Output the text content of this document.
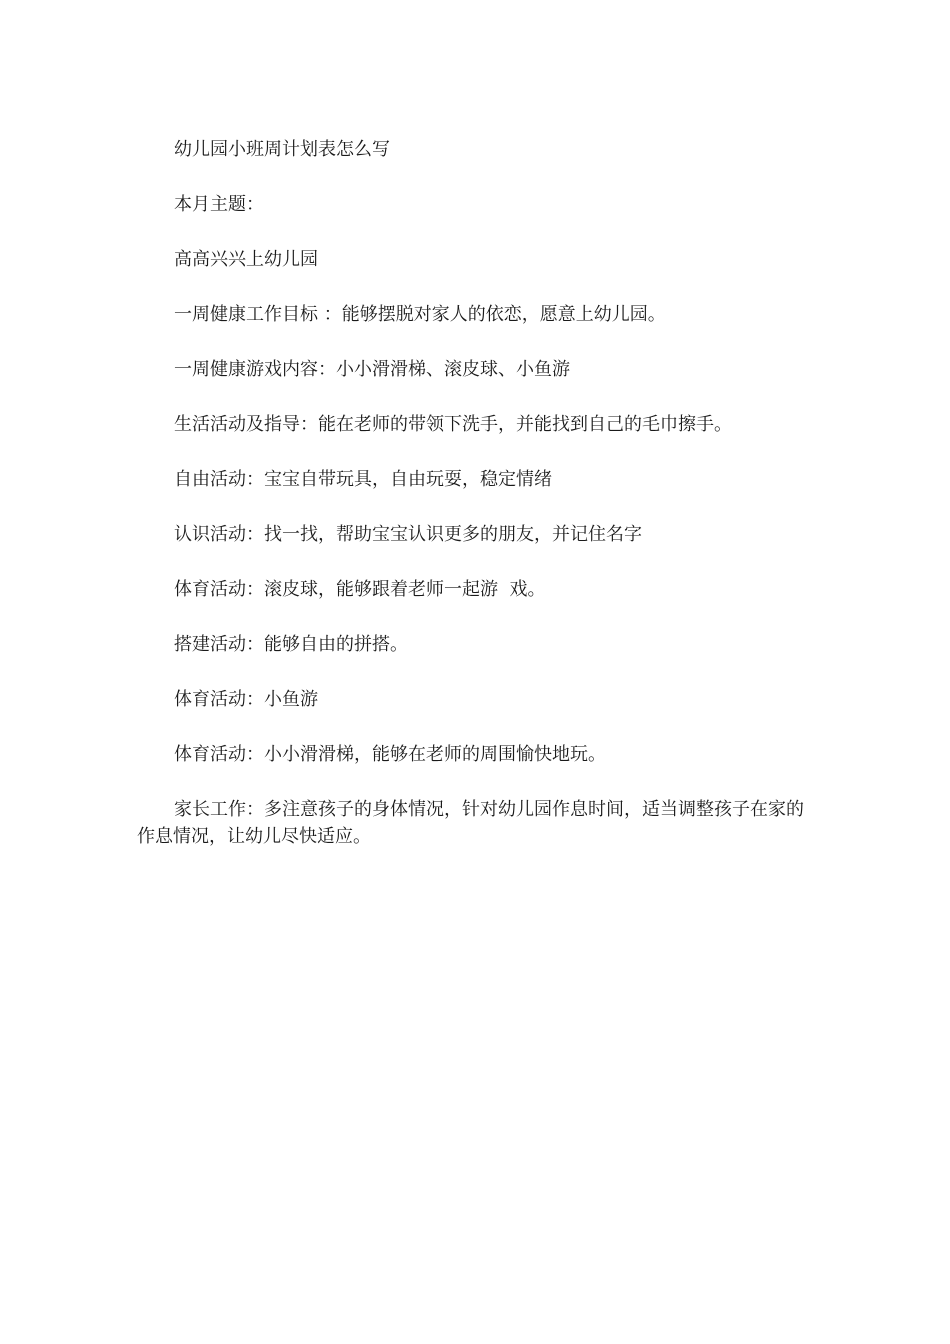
幼儿园小班周计划表怎么写

本月主题：

高高兴兴上幼儿园

一周健康工作目标 ：能够摆脱对家人的依恋，愿意上幼儿园。

一周健康游戏内容：小小滑滑梯、滚皮球、小鱼游

生活活动及指导：能在老师的带领下洗手，并能找到自己的毛巾擦手。

自由活动：宝宝自带玩具，自由玩耍，稳定情绪

认识活动：找一找，帮助宝宝认识更多的朋友，并记住名字

体育活动：滚皮球，能够跟着老师一起游  戏。

搭建活动：能够自由的拼搭。

体育活动：小鱼游

体育活动：小小滑滑梯，能够在老师的周围愉快地玩。

家长工作：多注意孩子的身体情况，针对幼儿园作息时间，适当调整孩子在家的作息情况，让幼儿尽快适应。
